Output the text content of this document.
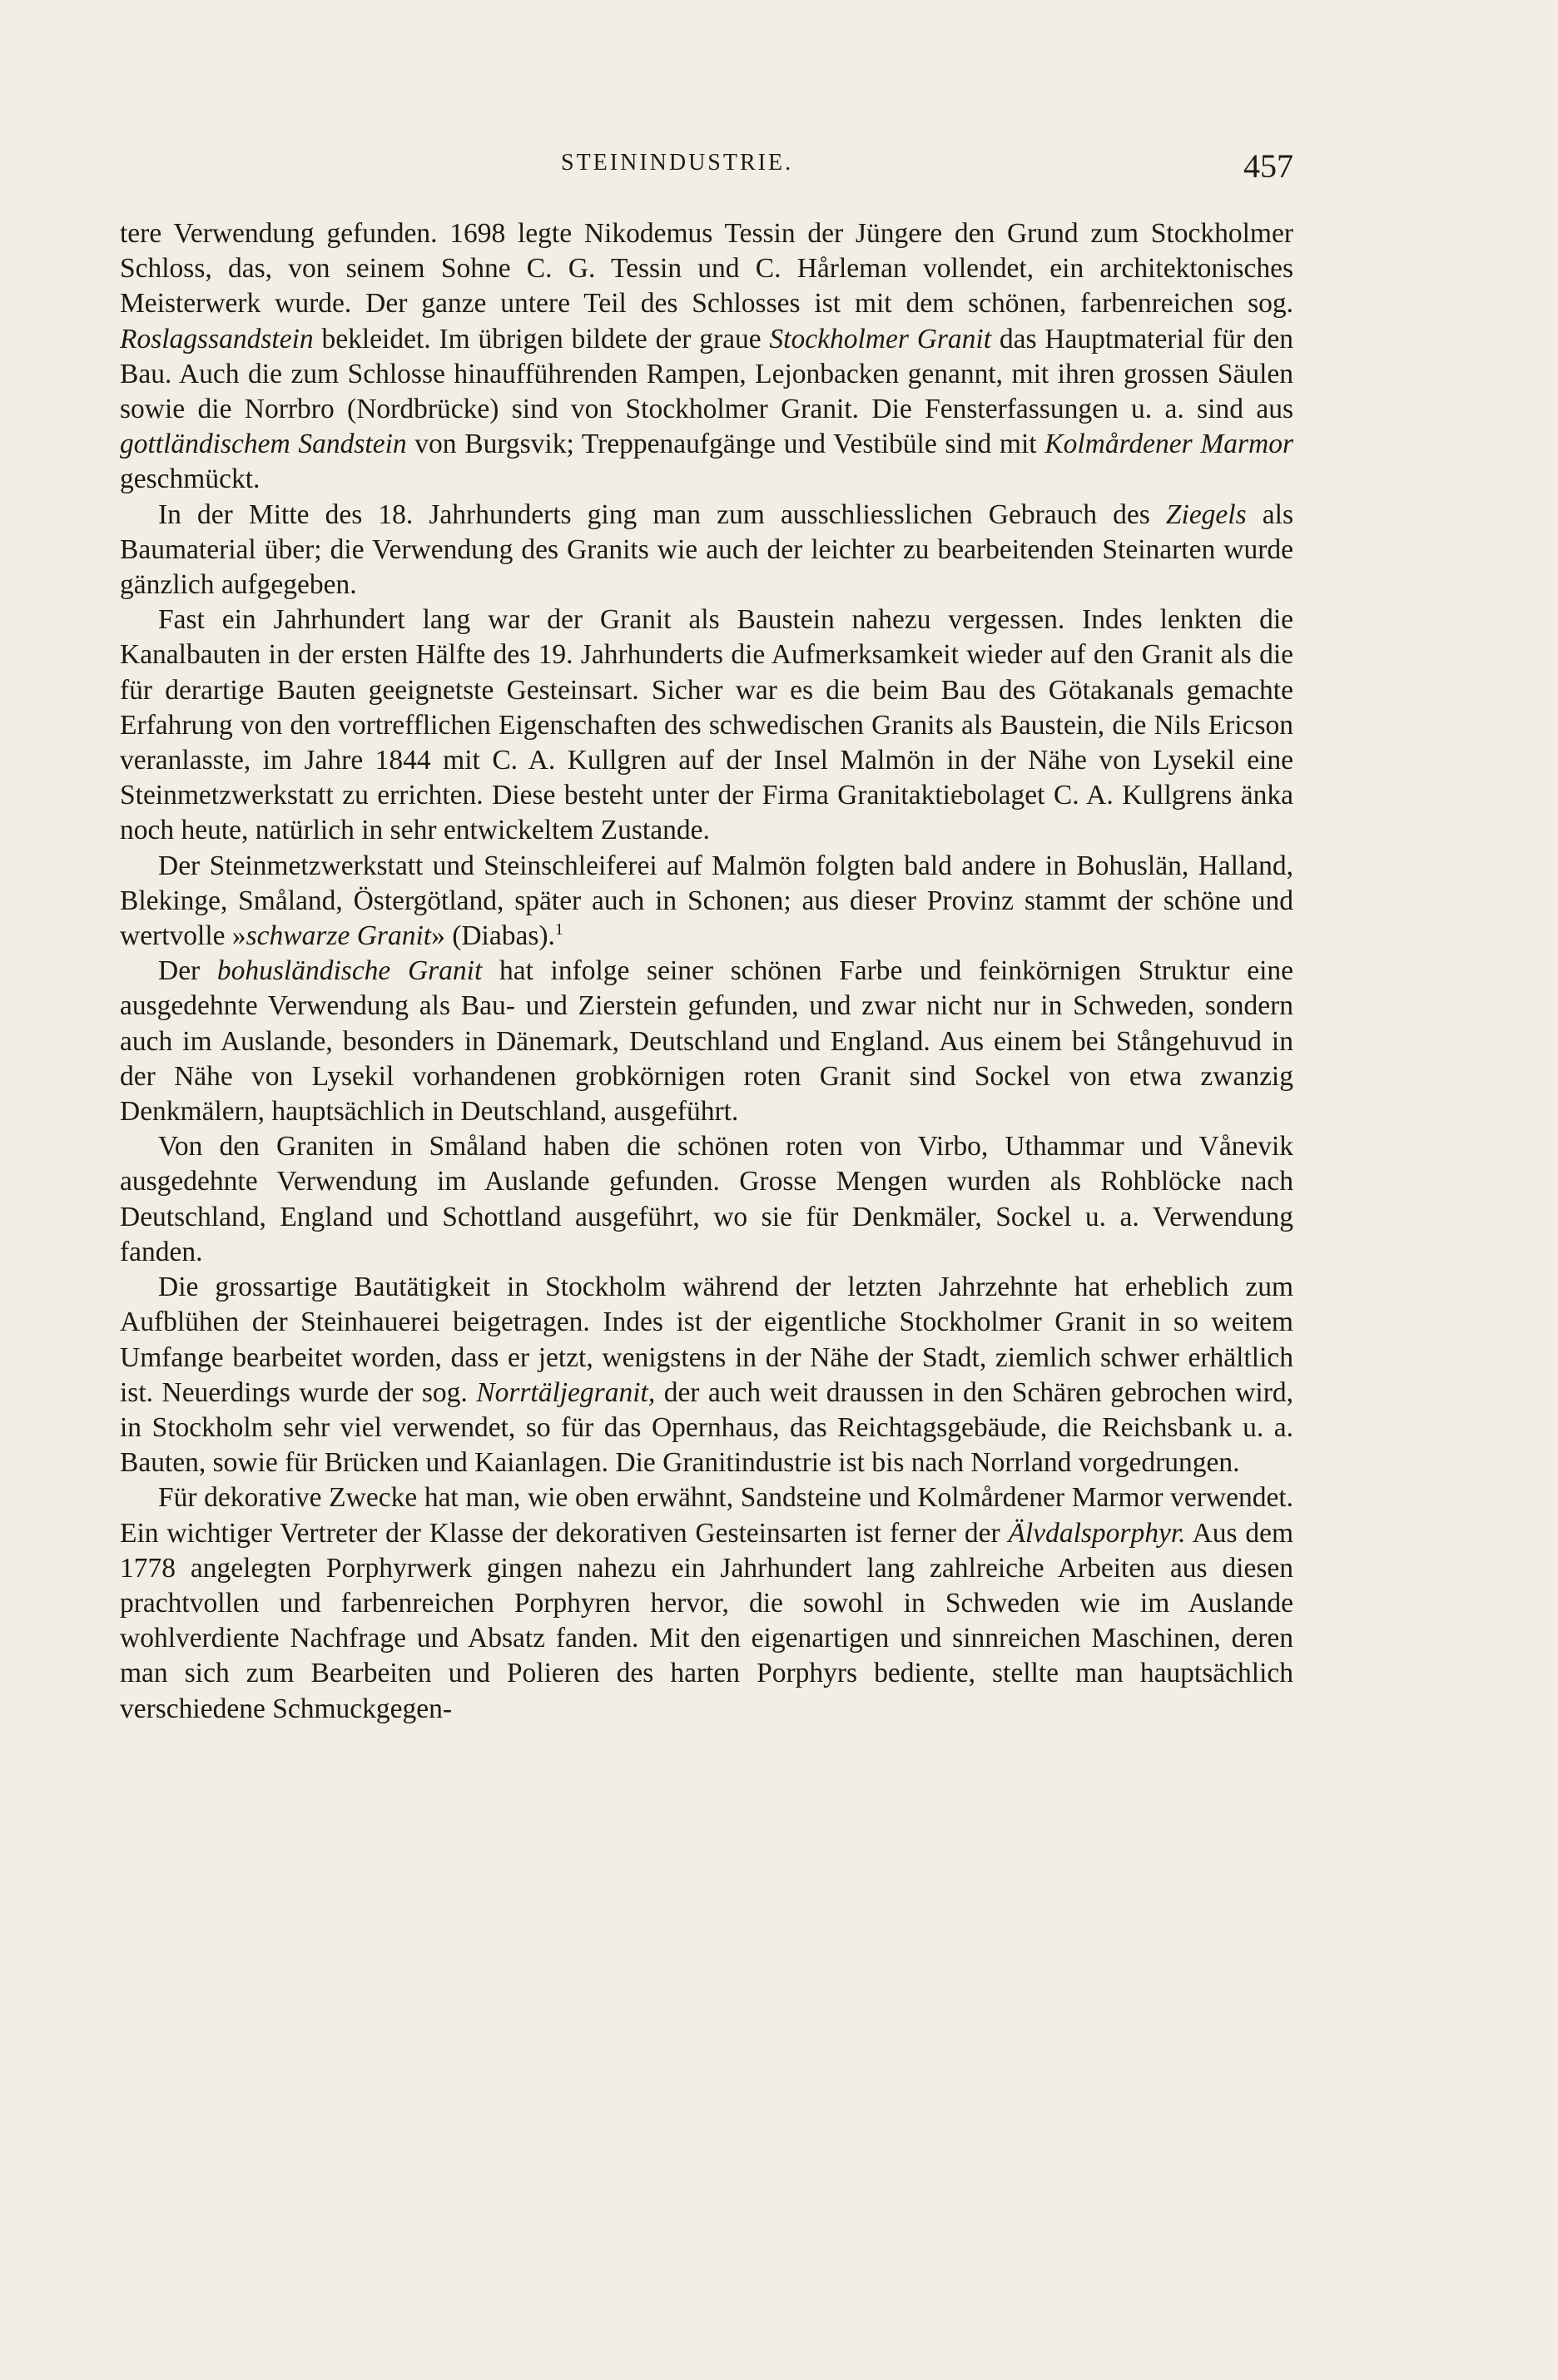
STEININDUSTRIE.	457

tere Verwendung gefunden. 1698 legte Nikodemus Tessin der Jüngere den Grund zum Stockholmer Schloss, das, von seinem Sohne C. G. Tessin und C. Hårleman vollendet, ein architektonisches Meisterwerk wurde. Der ganze untere Teil des Schlosses ist mit dem schönen, farbenreichen sog. Roslagssandstein bekleidet. Im übrigen bildete der graue Stockholmer Granit das Hauptmaterial für den Bau. Auch die zum Schlosse hinaufführenden Rampen, Lejonbacken genannt, mit ihren grossen Säulen sowie die Norrbro (Nordbrücke) sind von Stockholmer Granit. Die Fensterfassungen u. a. sind aus gottländischem Sandstein von Burgsvik; Treppenaufgänge und Vestibüle sind mit Kolmårdener Marmor geschmückt.

In der Mitte des 18. Jahrhunderts ging man zum ausschliesslichen Gebrauch des Ziegels als Baumaterial über; die Verwendung des Granits wie auch der leichter zu bearbeitenden Steinarten wurde gänzlich aufgegeben.

Fast ein Jahrhundert lang war der Granit als Baustein nahezu vergessen. Indes lenkten die Kanalbauten in der ersten Hälfte des 19. Jahrhunderts die Aufmerksamkeit wieder auf den Granit als die für derartige Bauten geeignetste Gesteinsart. Sicher war es die beim Bau des Götakanals gemachte Erfahrung von den vortrefflichen Eigenschaften des schwedischen Granits als Baustein, die Nils Ericson veranlasste, im Jahre 1844 mit C. A. Kullgren auf der Insel Malmön in der Nähe von Lysekil eine Steinmetzwerkstatt zu errichten. Diese besteht unter der Firma Granitaktiebolaget C. A. Kullgrens änka noch heute, natürlich in sehr entwickeltem Zustande.

Der Steinmetzwerkstatt und Steinschleiferei auf Malmön folgten bald andere in Bohuslän, Halland, Blekinge, Småland, Östergötland, später auch in Schonen; aus dieser Provinz stammt der schöne und wertvolle »schwarze Granit» (Diabas).$^1$

Der bohusländische Granit hat infolge seiner schönen Farbe und feinkörnigen Struktur eine ausgedehnte Verwendung als Bau- und Zierstein gefunden, und zwar nicht nur in Schweden, sondern auch im Auslande, besonders in Dänemark, Deutschland und England. Aus einem bei Stångehuvud in der Nähe von Lysekil vorhandenen grobkörnigen roten Granit sind Sockel von etwa zwanzig Denkmälern, hauptsächlich in Deutschland, ausgeführt.

Von den Graniten in Småland haben die schönen roten von Virbo, Uthammar und Vånevik ausgedehnte Verwendung im Auslande gefunden. Grosse Mengen wurden als Rohblöcke nach Deutschland, England und Schottland ausgeführt, wo sie für Denkmäler, Sockel u. a. Verwendung fanden.

Die grossartige Bautätigkeit in Stockholm während der letzten Jahrzehnte hat erheblich zum Aufblühen der Steinhauerei beigetragen. Indes ist der eigentliche Stockholmer Granit in so weitem Umfange bearbeitet worden, dass er jetzt, wenigstens in der Nähe der Stadt, ziemlich schwer erhältlich ist. Neuerdings wurde der sog. Norrtäljegranit, der auch weit draussen in den Schären gebrochen wird, in Stockholm sehr viel verwendet, so für das Opernhaus, das Reichtagsgebäude, die Reichsbank u. a. Bauten, sowie für Brücken und Kaianlagen. Die Granitindustrie ist bis nach Norrland vorgedrungen.

Für dekorative Zwecke hat man, wie oben erwähnt, Sandsteine und Kolmårdener Marmor verwendet. Ein wichtiger Vertreter der Klasse der dekorativen Gesteinsarten ist ferner der Älvdalsporphyr. Aus dem 1778 angelegten Porphyrwerk gingen nahezu ein Jahrhundert lang zahlreiche Arbeiten aus diesen prachtvollen und farbenreichen Porphyren hervor, die sowohl in Schweden wie im Auslande wohlverdiente Nachfrage und Absatz fanden. Mit den eigenartigen und sinnreichen Maschinen, deren man sich zum Bearbeiten und Polieren des harten Porphyrs bediente, stellte man hauptsächlich verschiedene Schmuckgegen-
